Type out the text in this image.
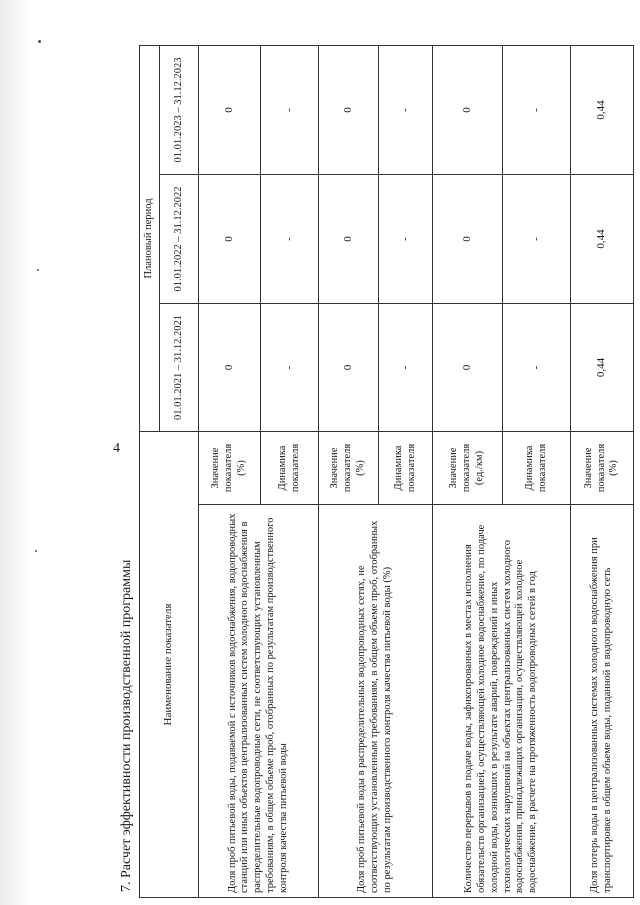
4
7. Расчет эффективности производственной программы	Наименование показателя		Плановый период		
		01.01.2021 – 31.12.2021	01.01.2022 – 31.12.2022	01.01.2023 – 31.12.2023
Доля проб питьевой воды, подаваемой с источников водоснабжения, водопроводных станций или иных объектов централизованных систем холодного водоснабжения в распределительные водопроводные сети, не соответствующих установленным требованиям, в общем объеме проб, отобранных по результатам производственного контроля качества питьевой воды	Значение показателя (%)	0	0	0
	Динамика показателя	-	-	-
Доля проб питьевой воды в распределительных водопроводных сетях, не соответствующих установленным требованиям, в общем объеме проб, отобранных по результатам производственного контроля качества питьевой воды (%)	Значение показателя (%)	0	0	0
	Динамика показателя	-	-	-
Количество перерывов в подаче воды, зафиксированных в местах исполнения обязательств организацией, осуществляющей холодное водоснабжение, по подаче холодной воды, возникших в результате аварий, повреждений и иных технологических нарушений на объектах централизованных систем холодного водоснабжения, принадлежащих организации, осуществляющей холодное водоснабжение, в расчете на протяженность водопроводных сетей в год	Значение показателя (ед./км)	0	0	0
	Динамика показателя	-	-	-
Доля потерь воды в централизованных системах холодного водоснабжения при транспортировке в общем объеме воды, поданной в водопроводную сеть	Значение показателя (%)	0,44	0,44	0,44
